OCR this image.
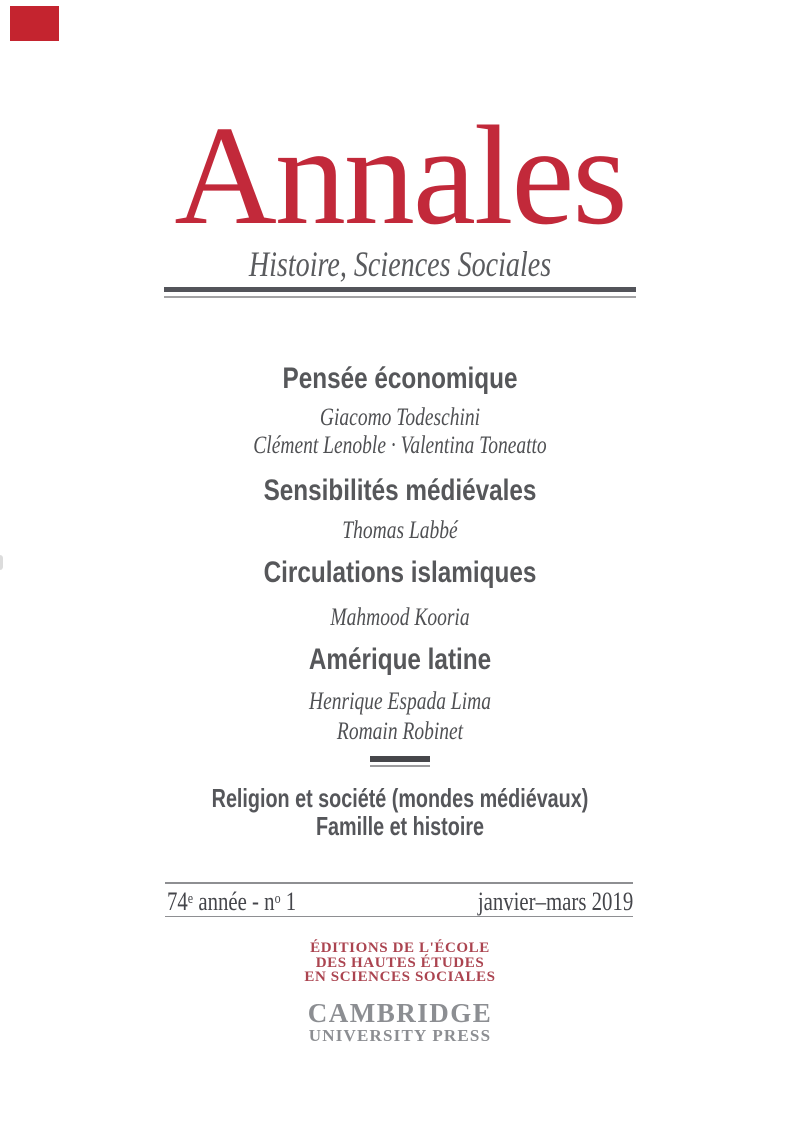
Annales
Histoire, Sciences Sociales
Pensée économique
Giacomo Todeschini
Clément Lenoble · Valentina Toneatto
Sensibilités médiévales
Thomas Labbé
Circulations islamiques
Mahmood Kooria
Amérique latine
Henrique Espada Lima
Romain Robinet
Religion et société (mondes médiévaux)
Famille et histoire
74e année - $n^o$ 1	janvier–mars 2019
ÉDITIONS DE L'ÉCOLE
DES HAUTES ÉTUDES
EN SCIENCES SOCIALES
CAMBRIDGE
UNIVERSITY PRESS
